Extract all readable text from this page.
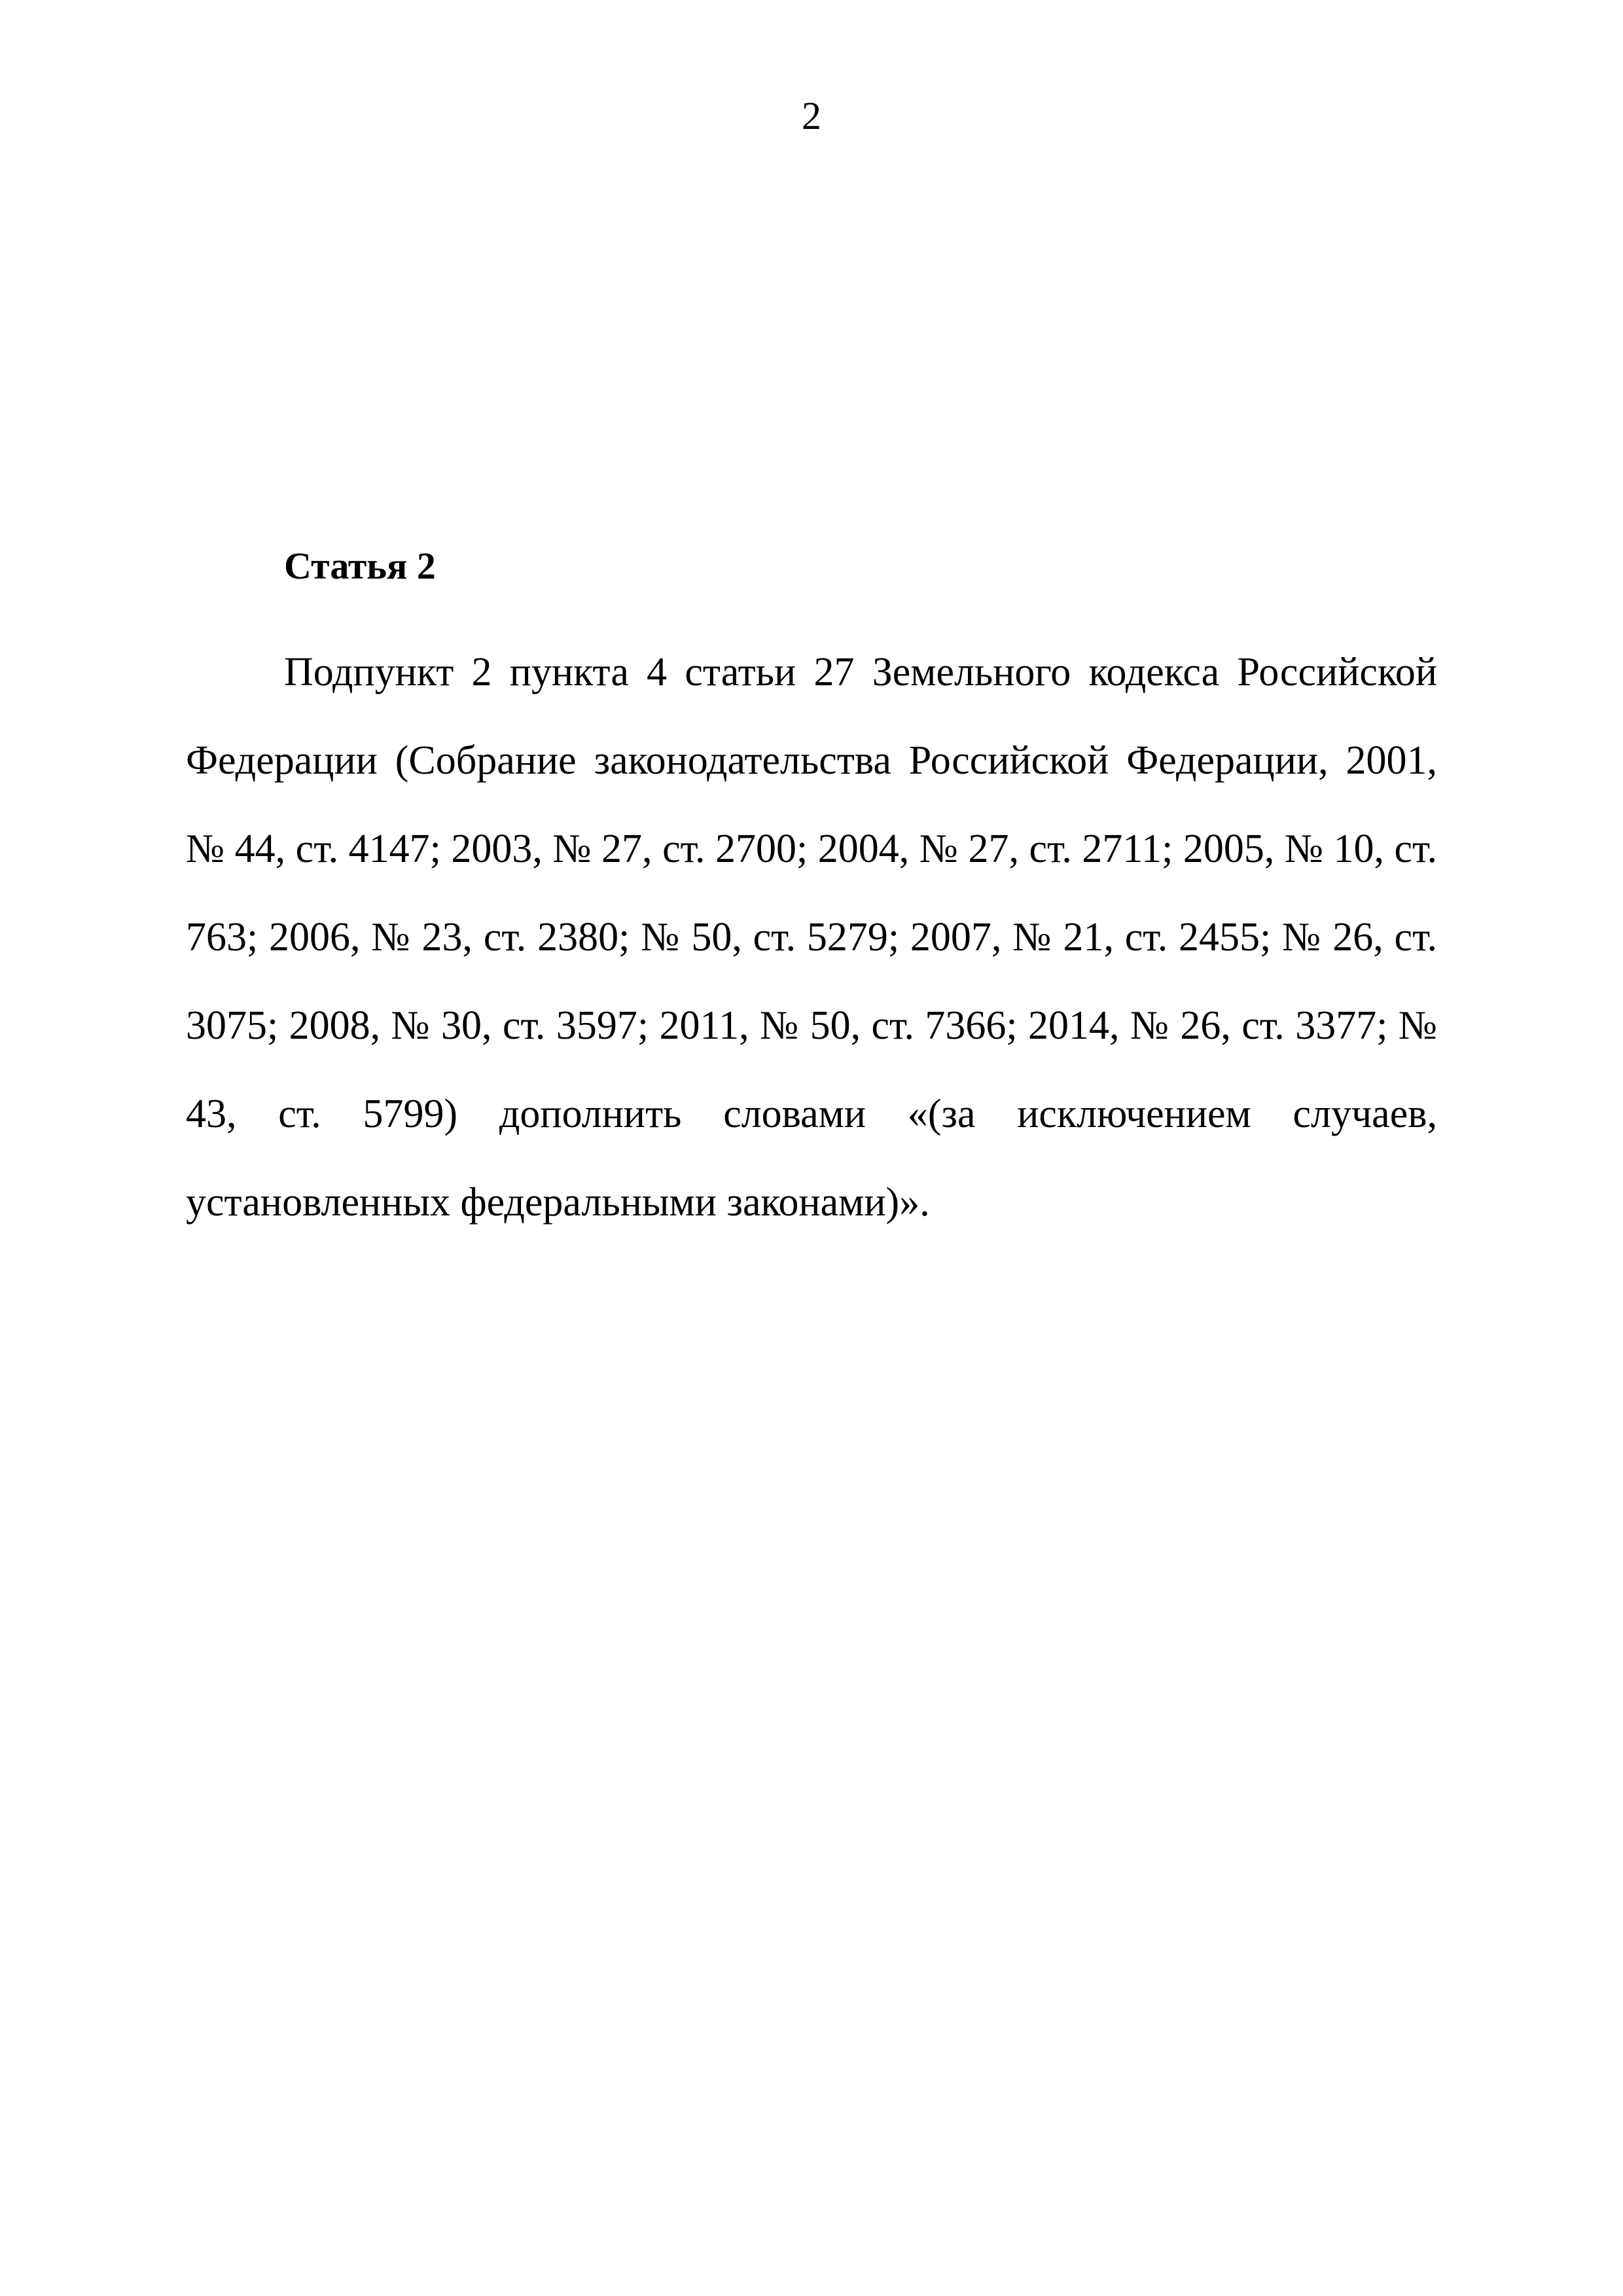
2
Статья 2

Подпункт 2 пункта 4 статьи 27 Земельного кодекса Российской Федерации (Собрание законодательства Российской Федерации, 2001, № 44, ст. 4147; 2003, № 27, ст. 2700; 2004, № 27, ст. 2711; 2005, № 10, ст. 763; 2006, № 23, ст. 2380; № 50, ст. 5279; 2007, № 21, ст. 2455; № 26, ст. 3075; 2008, № 30, ст. 3597; 2011, № 50, ст. 7366; 2014, № 26, ст. 3377; № 43, ст. 5799) дополнить словами «(за исключением случаев, установленных федеральными законами)».
